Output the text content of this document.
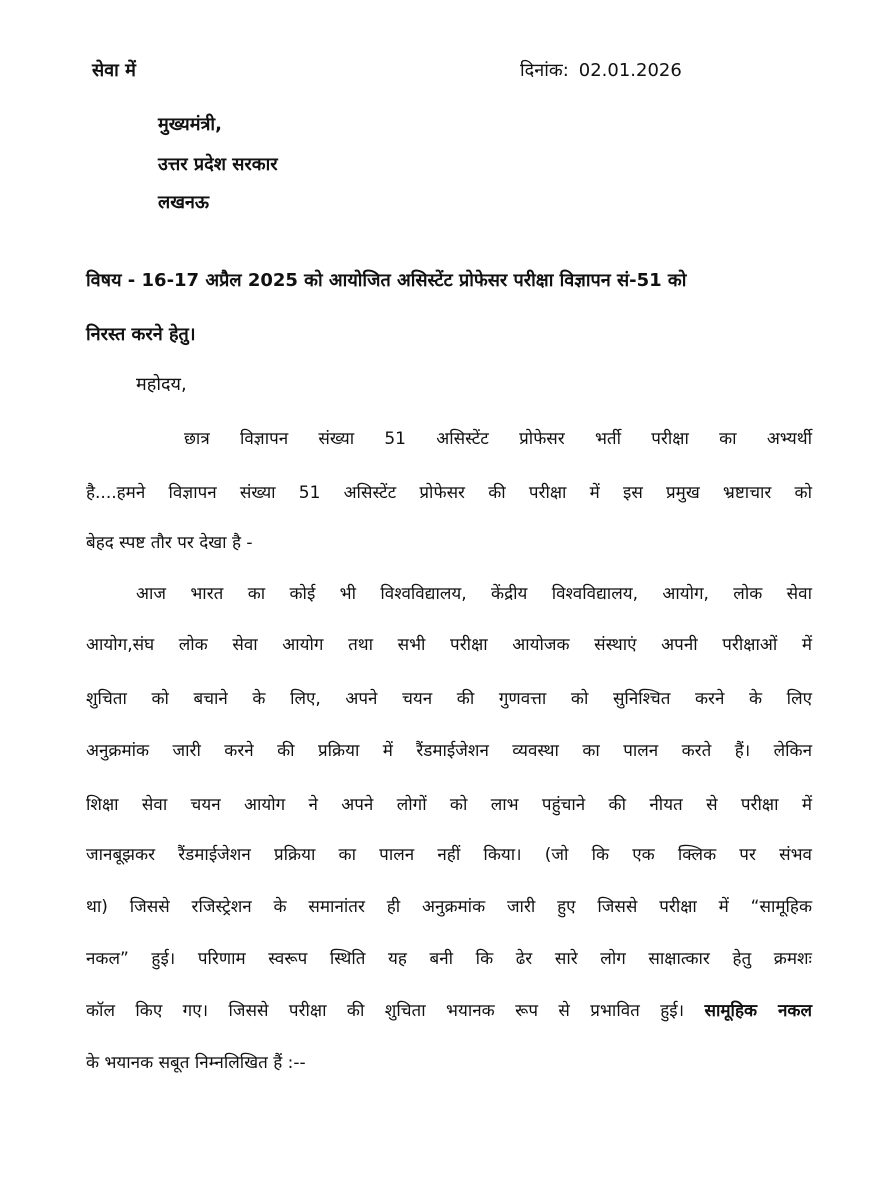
सेवा में	दिनांक: 02.01.2026
मुख्यमंत्री,
उत्तर प्रदेश सरकार
लखनऊ
विषय - 16-17 अप्रैल 2025 को आयोजित असिस्टेंट प्रोफेसर परीक्षा विज्ञापन सं-51 को
निरस्त करने हेतु।
महोदय,
छात्र विज्ञापन संख्या 51 असिस्टेंट प्रोफेसर भर्ती परीक्षा का अभ्यर्थी
है....हमने विज्ञापन संख्या 51 असिस्टेंट प्रोफेसर की परीक्षा में इस प्रमुख भ्रष्टाचार को
बेहद स्पष्ट तौर पर देखा है -
आज भारत का कोई भी विश्वविद्यालय, केंद्रीय विश्वविद्यालय, आयोग, लोक सेवा
आयोग,संघ लोक सेवा आयोग तथा सभी परीक्षा आयोजक संस्थाएं अपनी परीक्षाओं में
शुचिता को बचाने के लिए, अपने चयन की गुणवत्ता को सुनिश्चित करने के लिए
अनुक्रमांक जारी करने की प्रक्रिया में रैंडमाईजेशन व्यवस्था का पालन करते हैं। लेकिन
शिक्षा सेवा चयन आयोग ने अपने लोगों को लाभ पहुंचाने की नीयत से परीक्षा में
जानबूझकर रैंडमाईजेशन प्रक्रिया का पालन नहीं किया। (जो कि एक क्लिक पर संभव
था) जिससे रजिस्ट्रेशन के समानांतर ही अनुक्रमांक जारी हुए जिससे परीक्षा में “सामूहिक
नकल” हुई। परिणाम स्वरूप स्थिति यह बनी कि ढेर सारे लोग साक्षात्कार हेतु क्रमशः
कॉल किए गए। जिससे परीक्षा की शुचिता भयानक रूप से प्रभावित हुई। सामूहिक नकल
के भयानक सबूत निम्नलिखित हैं :--
